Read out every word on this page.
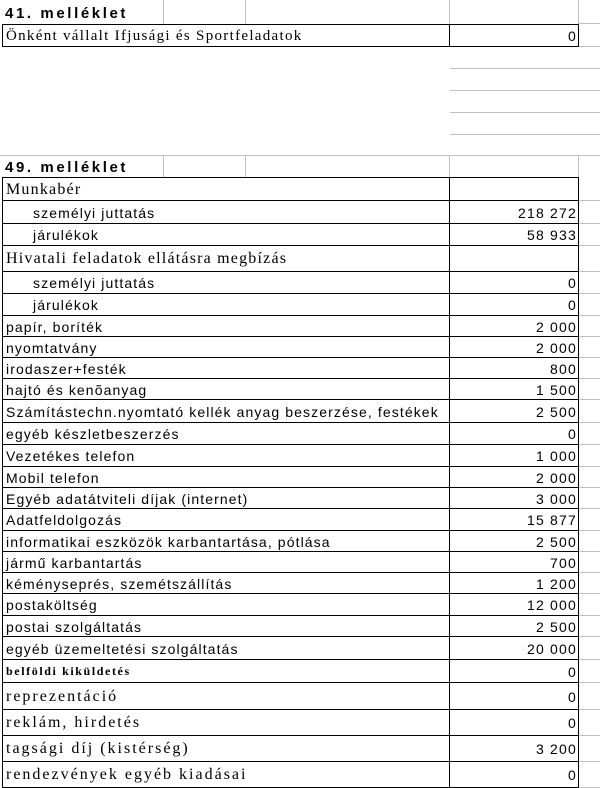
41. melléklet
Önként vállalt Ifjusági és Sportfeladatok	0
49. melléklet
Munkabér
személyi juttatás	218 272
járulékok	58 933
Hivatali feladatok ellátásra megbízás
személyi juttatás	0
járulékok	0
papír, boríték	2 000
nyomtatvány	2 000
irodaszer+festék	800
hajtó és kenõanyag	1 500
Számítástechn.nyomtató kellék anyag beszerzése, festékek	2 500
egyéb készletbeszerzés	0
Vezetékes telefon	1 000
Mobil telefon	2 000
Egyéb adatátviteli díjak (internet)	3 000
Adatfeldolgozás	15 877
informatikai eszközök karbantartása, pótlása	2 500
jármű karbantartás	700
kéményseprés, szemétszállítás	1 200
postaköltség	12 000
postai szolgáltatás	2 500
egyéb üzemeltetési szolgáltatás	20 000
belföldi kiküldetés	0
reprezentáció	0
reklám, hirdetés	0
tagsági díj (kistérség)	3 200
rendezvények egyéb kiadásai	0
